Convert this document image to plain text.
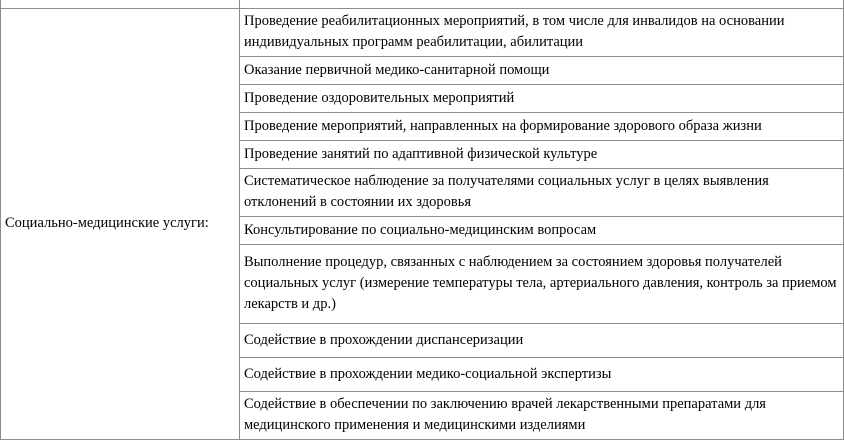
Социально-медицинские услуги:	Проведение реабилитационных мероприятий, в том числе для инвалидов на основании индивидуальных программ реабилитации, абилитации
	Оказание первичной медико-санитарной помощи
	Проведение оздоровительных мероприятий
	Проведение мероприятий, направленных на формирование здорового образа жизни
	Проведение занятий по адаптивной физической культуре
	Систематическое наблюдение за получателями социальных услуг в целях выявления отклонений в состоянии их здоровья
	Консультирование по социально-медицинским вопросам
	Выполнение процедур, связанных с наблюдением за состоянием здоровья получателей социальных услуг (измерение температуры тела, артериального давления, контроль за приемом лекарств и др.)
	Содействие в прохождении диспансеризации
	Содействие в прохождении медико-социальной экспертизы
	Содействие в обеспечении по заключению врачей лекарственными препаратами для медицинского применения и медицинскими изделиями
